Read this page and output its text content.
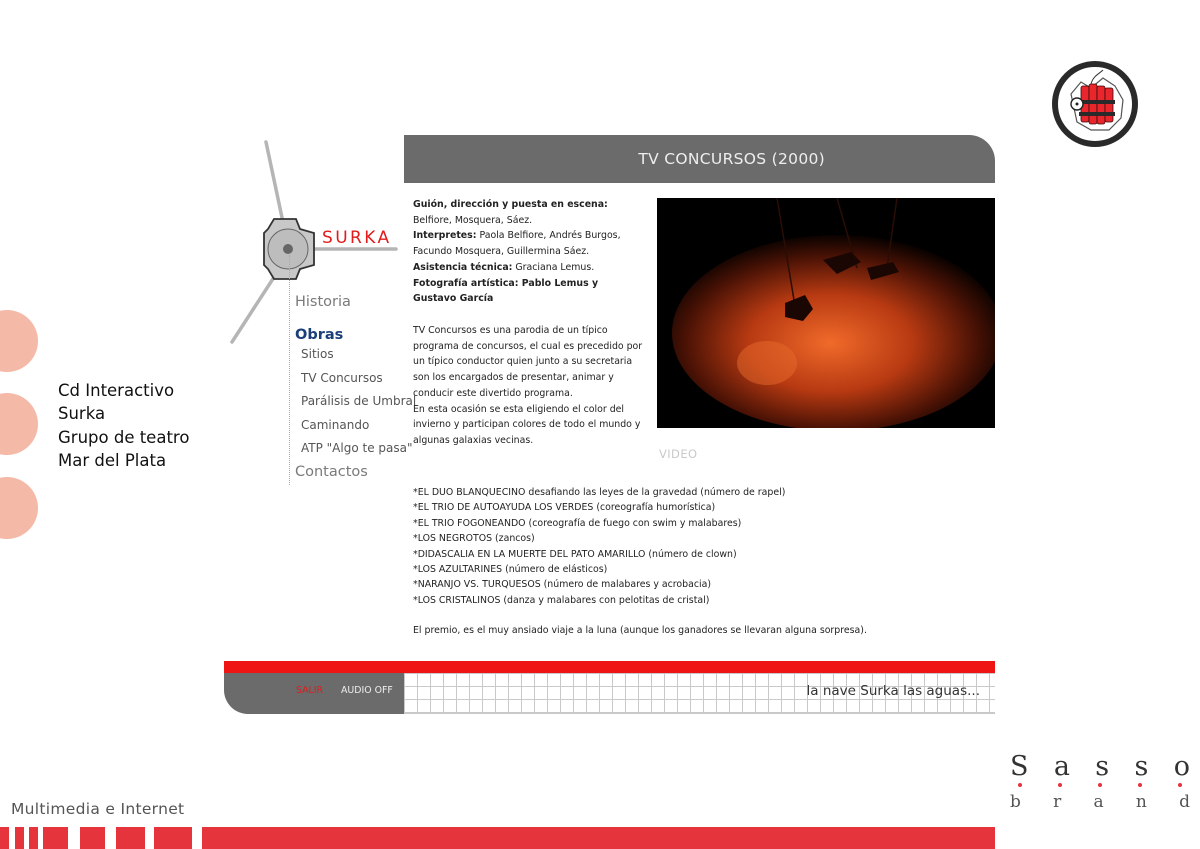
Cd Interactivo
Surka
Grupo de teatro
Mar del Plata
SURKA
Historia
Obras
Sitios
TV Concursos
Parálisis de Umbral
Caminando
ATP "Algo te pasa"
Contactos
TV CONCURSOS (2000)
Guión, dirección y puesta en escena: Belfiore, Mosquera, Sáez.
Interpretes: Paola Belfiore, Andrés Burgos, Facundo Mosquera, Guillermina Sáez.
Asistencia técnica: Graciana Lemus.
Fotografía artística: Pablo Lemus y Gustavo García
TV Concursos es una parodia de un típico programa de concursos, el cual es precedido por un típico conductor quien junto a su secretaria son los encargados de presentar, animar y conducir este divertido programa.
En esta ocasión se esta eligiendo el color del invierno y participan colores de todo el mundo y algunas galaxias vecinas.
VIDEO
*EL DUO BLANQUECINO desafiando las leyes de la gravedad (número de rapel)
*EL TRIO DE AUTOAYUDA LOS VERDES (coreografía humorística)
*EL TRIO FOGONEANDO (coreografía de fuego con swim y malabares)
*LOS NEGROTOS (zancos)
*DIDASCALIA EN LA MUERTE DEL PATO AMARILLO (número de clown)
*LOS AZULTARINES (número de elásticos)
*NARANJO VS. TURQUESOS (número de malabares y acrobacia)
*LOS CRISTALINOS (danza y malabares con pelotitas de cristal)
El premio, es el muy ansiado viaje a la luna (aunque los ganadores se llevaran alguna sorpresa).
SALIR AUDIO OFF	la nave Surka las aguas...
Multimedia e Internet
S a s s o
b r a n d
